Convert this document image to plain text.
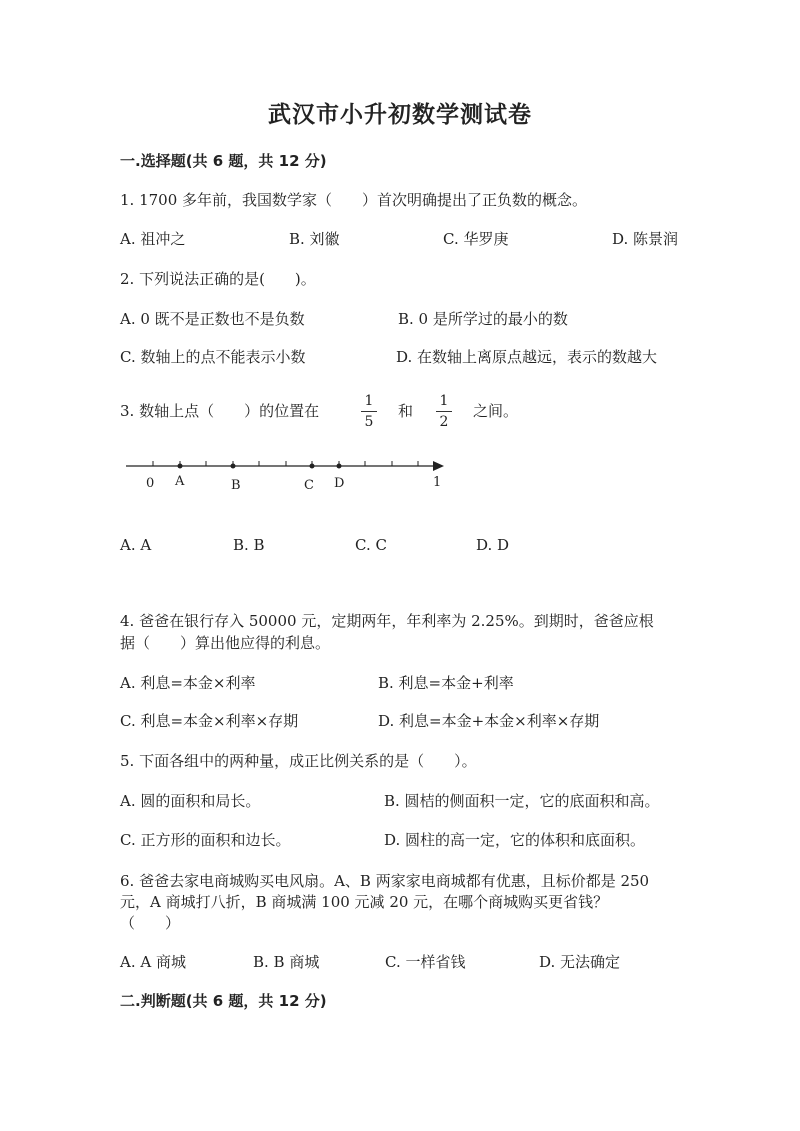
武汉市小升初数学测试卷
一.选择题(共 6 题，共 12 分)
1. 1700 多年前，我国数学家（　　）首次明确提出了正负数的概念。
A. 祖冲之	B. 刘徽	C. 华罗庚	D. 陈景润
2. 下列说法正确的是(　　)。
A. 0 既不是正数也不是负数	B. 0 是所学过的最小的数
C. 数轴上的点不能表示小数	D. 在数轴上离原点越远，表示的数越大
3. 数轴上点（　　）的位置在
1
5
和
1
2
之间。
0 A	B	C D	1
A. A	B. B	C. C	D. D
4. 爸爸在银行存入 50000 元，定期两年，年利率为 2.25%。到期时，爸爸应根
据（　　）算出他应得的利息。
A. 利息=本金×利率	B. 利息=本金+利率
C. 利息=本金×利率×存期	D. 利息=本金+本金×利率×存期
5. 下面各组中的两种量，成正比例关系的是（　　）。
A. 圆的面积和局长。	B. 圆桔的侧面积一定，它的底面积和高。
C. 正方形的面积和边长。	D. 圆柱的高一定，它的体积和底面积。
6. 爸爸去家电商城购买电风扇。A、B 两家家电商城都有优惠，且标价都是 250
元，A 商城打八折，B 商城满 100 元减 20 元，在哪个商城购买更省钱？
（　　）
A. A 商城	B. B 商城	C. 一样省钱	D. 无法确定
二.判断题(共 6 题，共 12 分)
